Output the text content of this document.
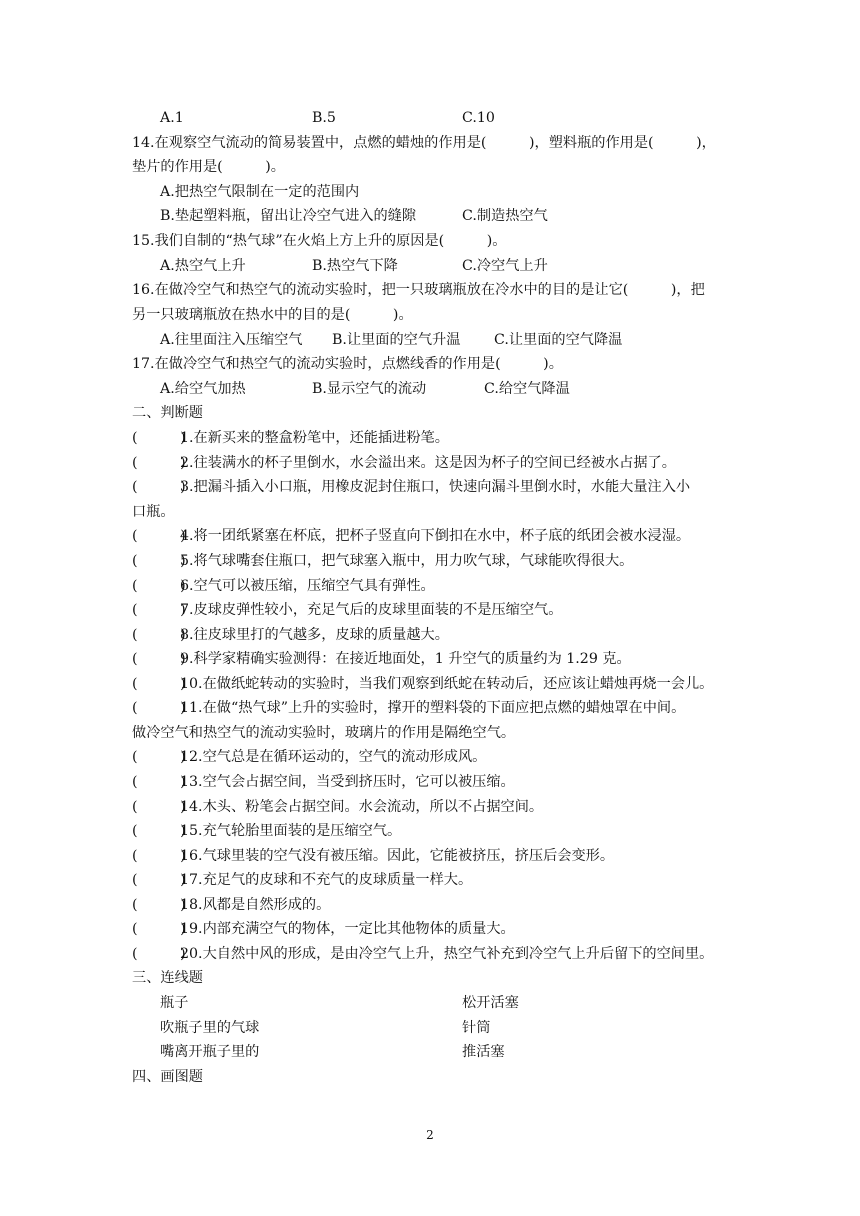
A.1	B.5	C.10
14.在观察空气流动的简易装置中，点燃的蜡烛的作用是(　　　)，塑料瓶的作用是(　　　)，
垫片的作用是(　　　)。
A.把热空气限制在一定的范围内
B.垫起塑料瓶，留出让冷空气进入的缝隙	C.制造热空气
15.我们自制的“热气球”在火焰上方上升的原因是(　　　)。
A.热空气上升	B.热空气下降	C.冷空气上升
16.在做冷空气和热空气的流动实验时，把一只玻璃瓶放在冷水中的目的是让它(　　　)，把
另一只玻璃瓶放在热水中的目的是(　　　)。
A.往里面注入压缩空气 B.让里面的空气升温 C.让里面的空气降温
17.在做冷空气和热空气的流动实验时，点燃线香的作用是(　　　)。
A.给空气加热	B.显示空气的流动	C.给空气降温
二、判断题
(　　　)1.在新买来的整盒粉笔中，还能插进粉笔。
(　　　)2.往装满水的杯子里倒水，水会溢出来。这是因为杯子的空间已经被水占据了。
(　　　)3.把漏斗插入小口瓶，用橡皮泥封住瓶口，快速向漏斗里倒水时，水能大量注入小
口瓶。
(　　　)4.将一团纸紧塞在杯底，把杯子竖直向下倒扣在水中，杯子底的纸团会被水浸湿。
(　　　)5.将气球嘴套住瓶口，把气球塞入瓶中，用力吹气球，气球能吹得很大。
(　　　)6.空气可以被压缩，压缩空气具有弹性。
(　　　)7.皮球皮弹性较小，充足气后的皮球里面装的不是压缩空气。
(　　　)8.往皮球里打的气越多，皮球的质量越大。
(　　　)9.科学家精确实验测得：在接近地面处，1 升空气的质量约为 1.29 克。
(　　　)10.在做纸蛇转动的实验时，当我们观察到纸蛇在转动后，还应该让蜡烛再烧一会儿。
(　　　)11.在做“热气球”上升的实验时，撑开的塑料袋的下面应把点燃的蜡烛罩在中间。
做冷空气和热空气的流动实验时，玻璃片的作用是隔绝空气。
(　　　)12.空气总是在循环运动的，空气的流动形成风。
(　　　)13.空气会占据空间，当受到挤压时，它可以被压缩。
(　　　)14.木头、粉笔会占据空间。水会流动，所以不占据空间。
(　　　)15.充气轮胎里面装的是压缩空气。
(　　　)16.气球里装的空气没有被压缩。因此，它能被挤压，挤压后会变形。
(　　　)17.充足气的皮球和不充气的皮球质量一样大。
(　　　)18.风都是自然形成的。
(　　　)19.内部充满空气的物体，一定比其他物体的质量大。
(　　　)20.大自然中风的形成，是由冷空气上升，热空气补充到冷空气上升后留下的空间里。
三、连线题
瓶子	松开活塞
吹瓶子里的气球	针筒
嘴离开瓶子里的	推活塞
四、画图题
2
